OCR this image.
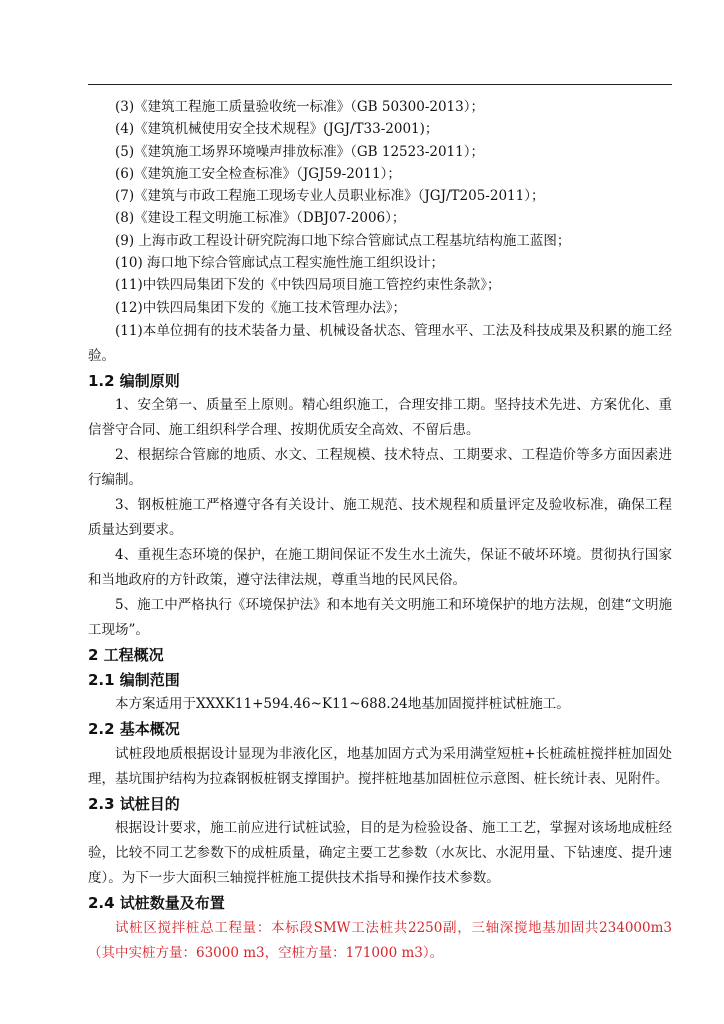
(3)《建筑工程施工质量验收统一标准》（GB 50300-2013）；
(4)《建筑机械使用安全技术规程》(JGJ/T33-2001)；
(5)《建筑施工场界环境噪声排放标准》（GB 12523-2011）；
(6)《建筑施工安全检查标准》（JGJ59-2011）；
(7)《建筑与市政工程施工现场专业人员职业标准》（JGJ/T205-2011）；
(8)《建设工程文明施工标准》（DBJ07-2006）；
(9) 上海市政工程设计研究院海口地下综合管廊试点工程基坑结构施工蓝图；
(10) 海口地下综合管廊试点工程实施性施工组织设计；
(11)中铁四局集团下发的《中铁四局项目施工管控约束性条款》；
(12)中铁四局集团下发的《施工技术管理办法》；

(11)本单位拥有的技术装备力量、机械设备状态、管理水平、工法及科技成果及积累的施工经验。

1.2 编制原则

1、安全第一、质量至上原则。精心组织施工，合理安排工期。坚持技术先进、方案优化、重信誉守合同、施工组织科学合理、按期优质安全高效、不留后患。

2、根据综合管廊的地质、水文、工程规模、技术特点、工期要求、工程造价等多方面因素进行编制。

3、钢板桩施工严格遵守各有关设计、施工规范、技术规程和质量评定及验收标准，确保工程质量达到要求。

4、重视生态环境的保护，在施工期间保证不发生水土流失，保证不破坏环境。贯彻执行国家和当地政府的方针政策，遵守法律法规，尊重当地的民风民俗。

5、施工中严格执行《环境保护法》和本地有关文明施工和环境保护的地方法规，创建“文明施工现场”。

2 工程概况
2.1 编制范围

本方案适用于XXXK11+594.46~K11~688.24地基加固搅拌桩试桩施工。

2.2 基本概况

试桩段地质根据设计显现为非液化区，地基加固方式为采用满堂短桩+长桩疏桩搅拌桩加固处理，基坑围护结构为拉森钢板桩钢支撑围护。搅拌桩地基加固桩位示意图、桩长统计表、见附件。

2.3 试桩目的

根据设计要求，施工前应进行试桩试验，目的是为检验设备、施工工艺，掌握对该场地成桩经验，比较不同工艺参数下的成桩质量，确定主要工艺参数（水灰比、水泥用量、下钻速度、提升速度）。为下一步大面积三轴搅拌桩施工提供技术指导和操作技术参数。

2.4 试桩数量及布置

试桩区搅拌桩总工程量：本标段SMW工法桩共2250副，三轴深搅地基加固共234000m3（其中实桩方量：63000 m3，空桩方量：171000 m3）。
